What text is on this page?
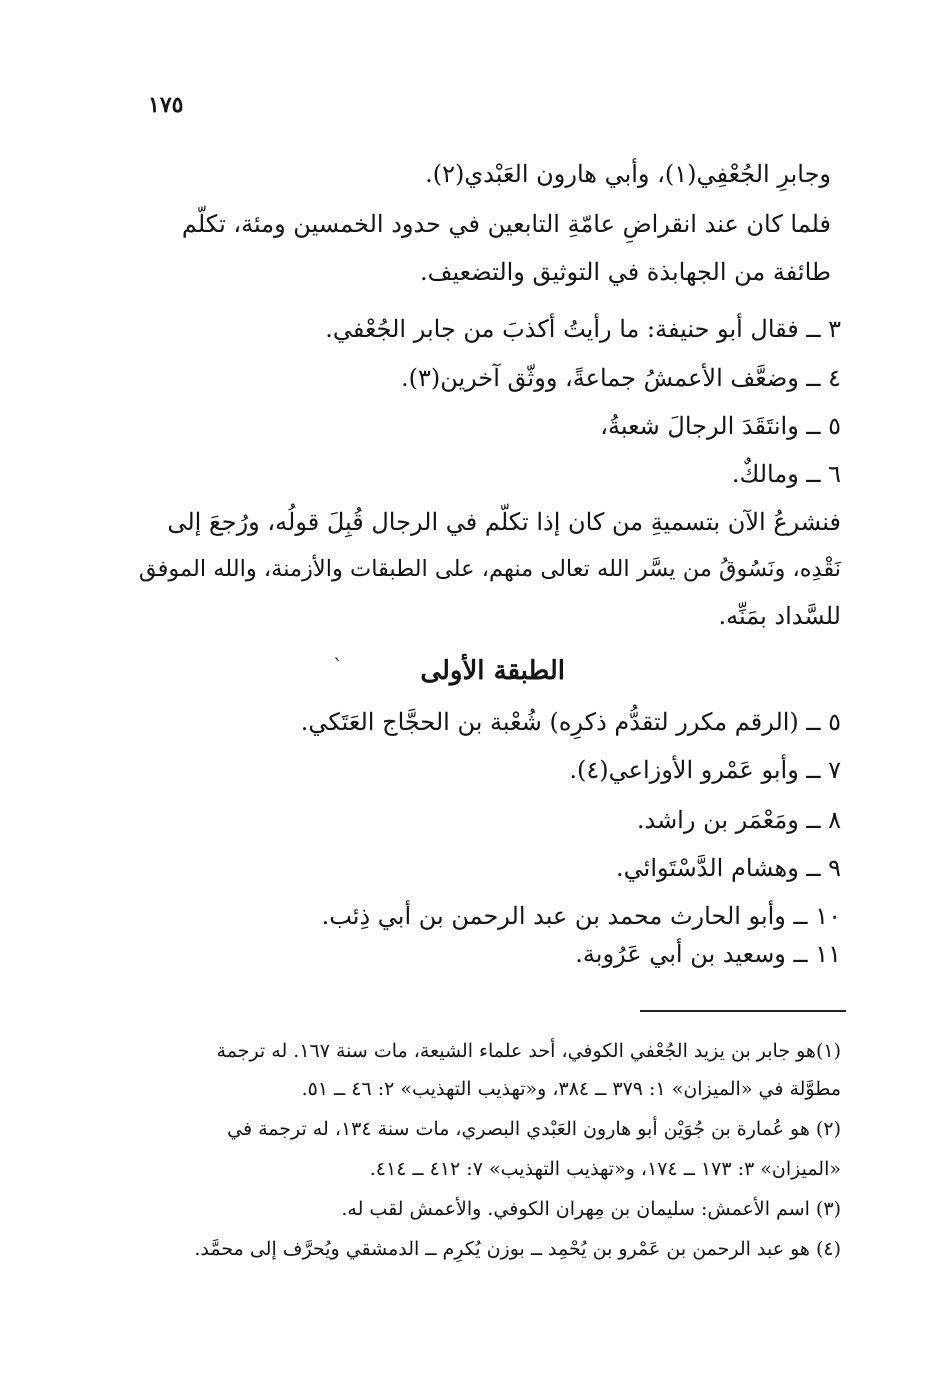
١٧٥
وجابرِ الجُعْفِي(١)، وأبي هارون العَبْدي(٢).
فلما كان عند انقراضِ عامّةِ التابعين في حدود الخمسين ومئة، تكلّم
طائفة من الجهابذة في التوثيق والتضعيف.
٣ ــ فقال أبو حنيفة: ما رأيتُ أكذبَ من جابر الجُعْفي.
٤ ــ وضعَّف الأعمشُ جماعةً، ووثّق آخرين(٣).
٥ ــ وانتَقَدَ الرجالَ شعبةُ،
٦ ــ ومالكٌ.
فنشرعُ الآن بتسميةِ من كان إذا تكلّم في الرجال قُبِلَ قولُه، ورُجعَ إلى
نَقْدِه، ونَسُوقُ من يسَّر الله تعالى منهم، على الطبقات والأزمنة، والله الموفق
للسَّداد بمَنِّه.
ˋ	الطبقة الأولى
٥ ــ (الرقم مكرر لتقدُّم ذكرِه) شُعْبة بن الحجَّاج العَتَكي.
٧ ــ وأبو عَمْرو الأوزاعي(٤).
٨ ــ ومَعْمَر بن راشد.
٩ ــ وهشام الدَّسْتَوائي.
١٠ ــ وأبو الحارث محمد بن عبد الرحمن بن أبي ذِئب.
١١ ــ وسعيد بن أبي عَرُوبة.
(١)هو جابر بن يزيد الجُعْفي الكوفي، أحد علماء الشيعة، مات سنة ١٦٧. له ترجمة
مطوَّلة في «الميزان» ١: ٣٧٩ ــ ٣٨٤، و«تهذيب التهذيب» ٢: ٤٦ ــ ٥١.
(٢) هو عُمارة بن جُوَيْن أبو هارون العَبْدي البصري، مات سنة ١٣٤، له ترجمة في
«الميزان» ٣: ١٧٣ ــ ١٧٤، و«تهذيب التهذيب» ٧: ٤١٢ ــ ٤١٤.
(٣) اسم الأعمش: سليمان بن مِهران الكوفي. والأعمش لقب له.
(٤) هو عبد الرحمن بن عَمْرو بن يُحْمِد ــ بوزن يُكرِم ــ الدمشقي ويُحرَّف إلى محمَّد.
